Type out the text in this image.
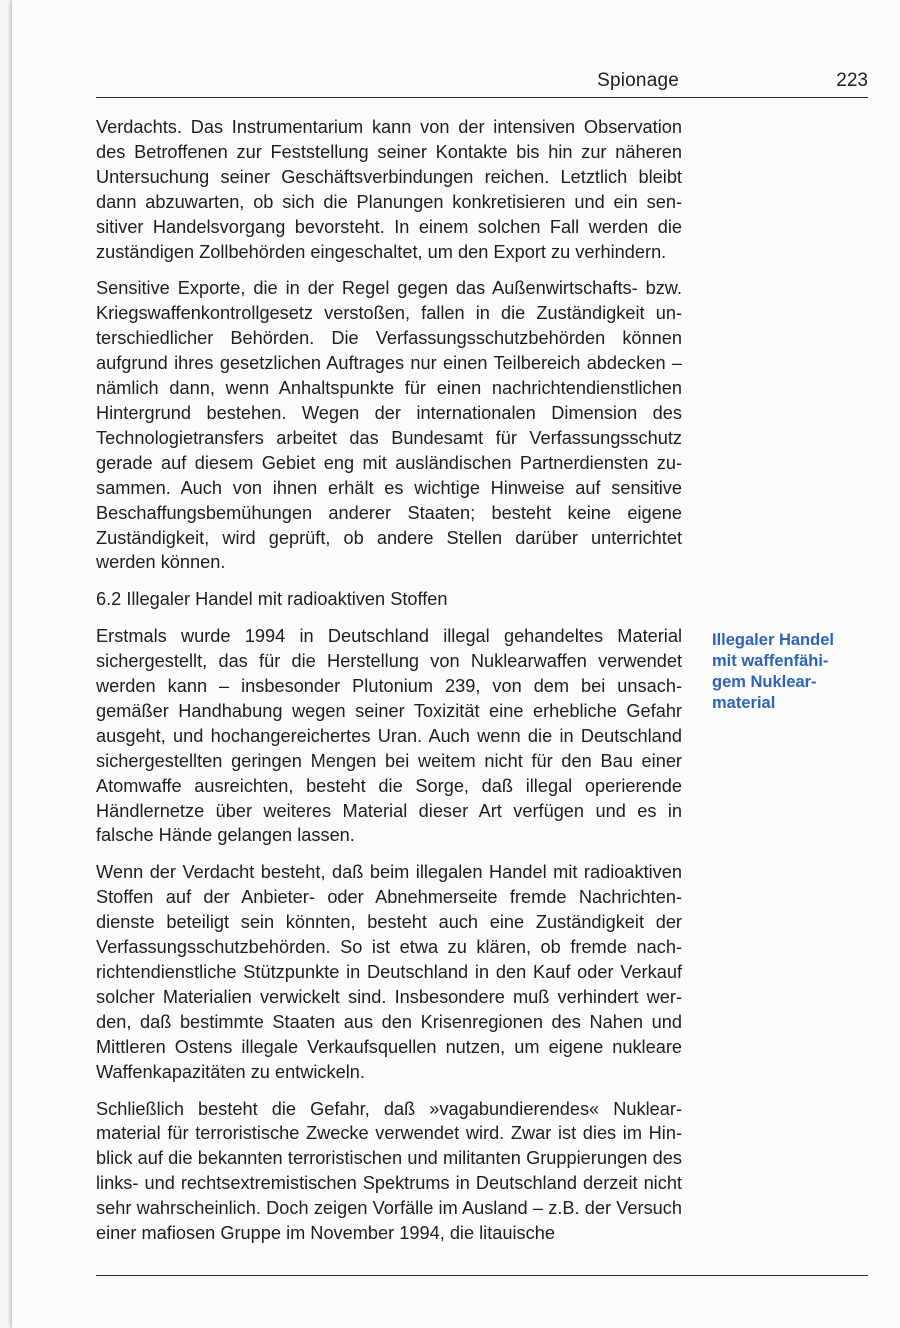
Spionage	223

Verdachts. Das Instrumentarium kann von der intensiven Observation des Betroffenen zur Feststellung seiner Kontakte bis hin zur näheren Untersuchung seiner Geschäftsverbindungen reichen. Letztlich bleibt dann abzuwarten, ob sich die Planungen konkretisieren und ein sensitiver Handelsvorgang bevorsteht. In einem solchen Fall werden die zuständigen Zollbehörden eingeschaltet, um den Export zu verhindern.

Sensitive Exporte, die in der Regel gegen das Außenwirtschafts- bzw. Kriegswaffenkontrollgesetz verstoßen, fallen in die Zuständigkeit unterschiedlicher Behörden. Die Verfassungsschutzbehörden können aufgrund ihres gesetzlichen Auftrages nur einen Teilbereich abdecken – nämlich dann, wenn Anhaltspunkte für einen nachrichtendienstlichen Hintergrund bestehen. Wegen der internationalen Dimension des Technologietransfers arbeitet das Bundesamt für Verfassungsschutz gerade auf diesem Gebiet eng mit ausländischen Partnerdiensten zusammen. Auch von ihnen erhält es wichtige Hinweise auf sensitive Beschaffungsbemühungen anderer Staaten; besteht keine eigene Zuständigkeit, wird geprüft, ob andere Stellen darüber unterrichtet werden können.

6.2 Illegaler Handel mit radioaktiven Stoffen

Erstmals wurde 1994 in Deutschland illegal gehandeltes Material sichergestellt, das für die Herstellung von Nuklearwaffen verwendet werden kann – insbesonder Plutonium 239, von dem bei unsachgemäßer Handhabung wegen seiner Toxizität eine erhebliche Gefahr ausgeht, und hochangereichertes Uran. Auch wenn die in Deutschland sichergestellten geringen Mengen bei weitem nicht für den Bau einer Atomwaffe ausreichten, besteht die Sorge, daß illegal operierende Händlernetze über weiteres Material dieser Art verfügen und es in falsche Hände gelangen lassen.

Wenn der Verdacht besteht, daß beim illegalen Handel mit radioaktiven Stoffen auf der Anbieter- oder Abnehmerseite fremde Nachrichtendienste beteiligt sein könnten, besteht auch eine Zuständigkeit der Verfassungsschutzbehörden. So ist etwa zu klären, ob fremde nachrichtendienstliche Stützpunkte in Deutschland in den Kauf oder Verkauf solcher Materialien verwickelt sind. Insbesondere muß verhindert werden, daß bestimmte Staaten aus den Krisenregionen des Nahen und Mittleren Ostens illegale Verkaufsquellen nutzen, um eigene nukleare Waffenkapazitäten zu entwickeln.

Schließlich besteht die Gefahr, daß »vagabundierendes« Nuklearmaterial für terroristische Zwecke verwendet wird. Zwar ist dies im Hinblick auf die bekannten terroristischen und militanten Gruppierungen des links- und rechtsextremistischen Spektrums in Deutschland derzeit nicht sehr wahrscheinlich. Doch zeigen Vorfälle im Ausland – z.B. der Versuch einer mafiosen Gruppe im November 1994, die litauische

Illegaler Handel
mit waffenfähi-
gem Nuklear-
material
